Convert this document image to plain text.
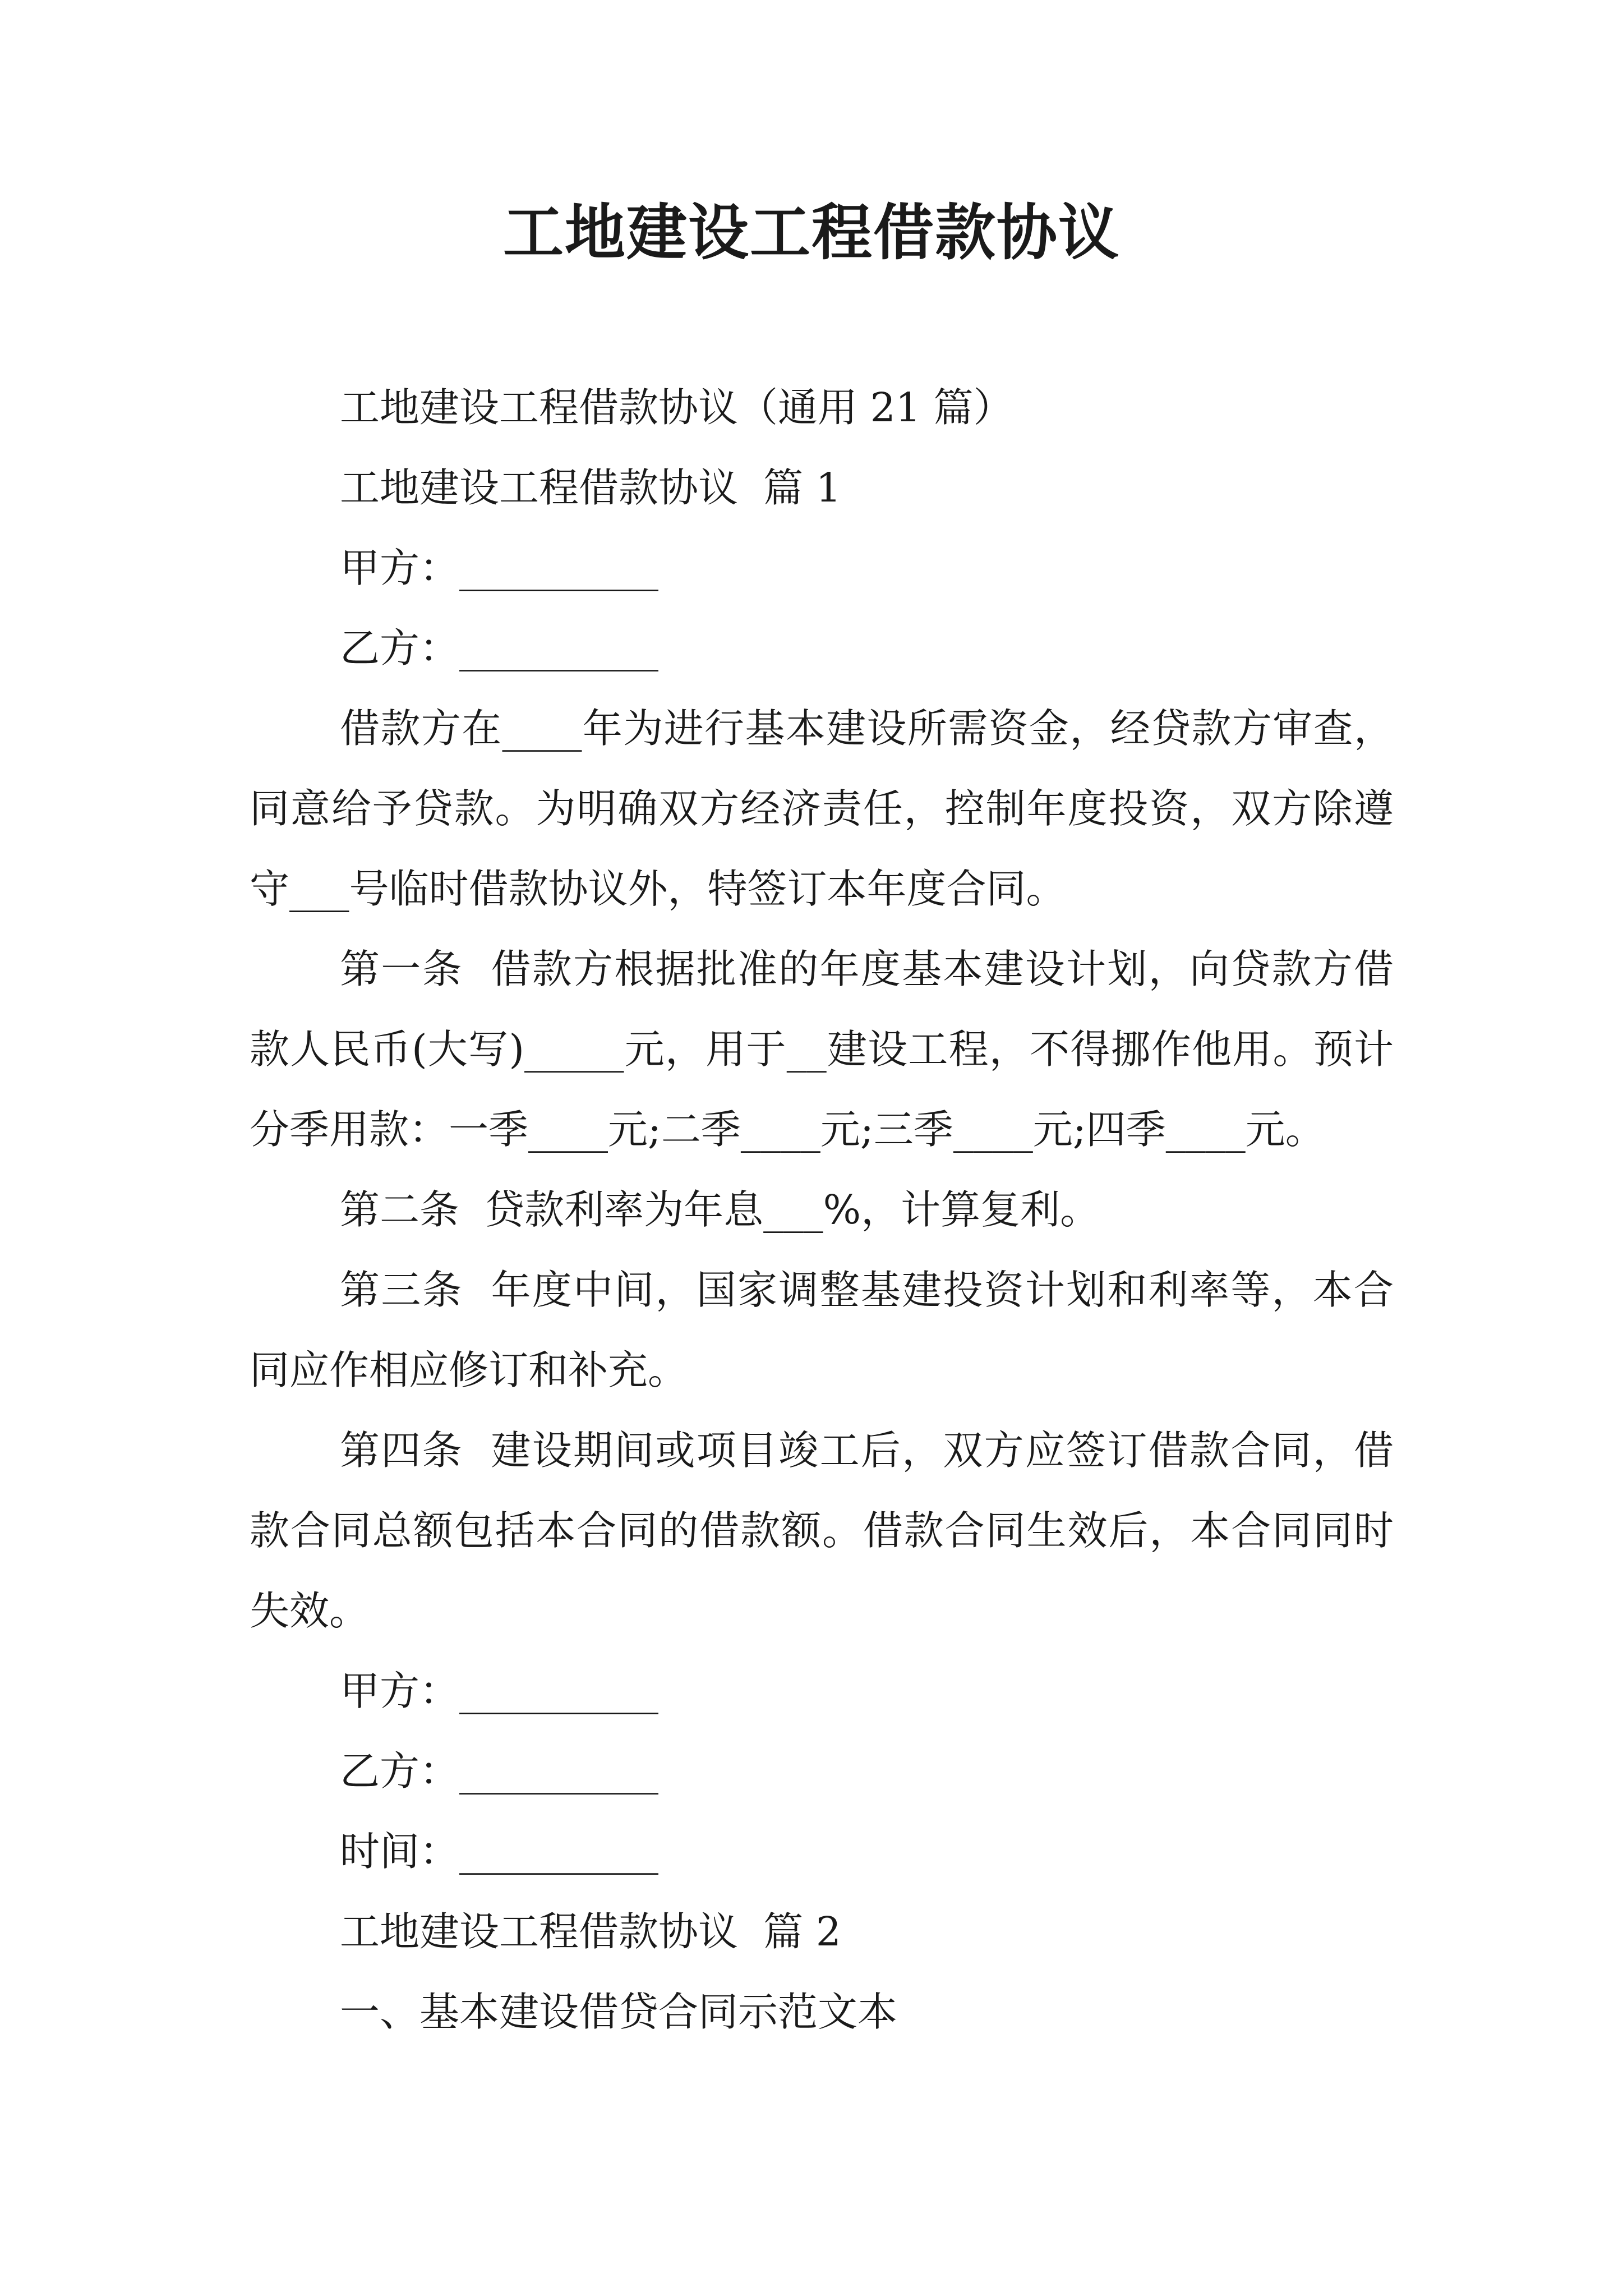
工地建设工程借款协议

工地建设工程借款协议（通用 21 篇）

工地建设工程借款协议  篇 1

甲方：__________

乙方：__________

借款方在____年为进行基本建设所需资金，经贷款方审查，同意给予贷款。为明确双方经济责任，控制年度投资，双方除遵守___号临时借款协议外，特签订本年度合同。

第一条  借款方根据批准的年度基本建设计划，向贷款方借款人民币(大写)_____元，用于__建设工程，不得挪作他用。预计分季用款：一季____元;二季____元;三季____元;四季____元。

第二条  贷款利率为年息___%，计算复利。

第三条  年度中间，国家调整基建投资计划和利率等，本合同应作相应修订和补充。

第四条  建设期间或项目竣工后，双方应签订借款合同，借款合同总额包括本合同的借款额。借款合同生效后，本合同同时失效。

甲方：__________

乙方：__________

时间：__________

工地建设工程借款协议  篇 2

一、基本建设借贷合同示范文本
